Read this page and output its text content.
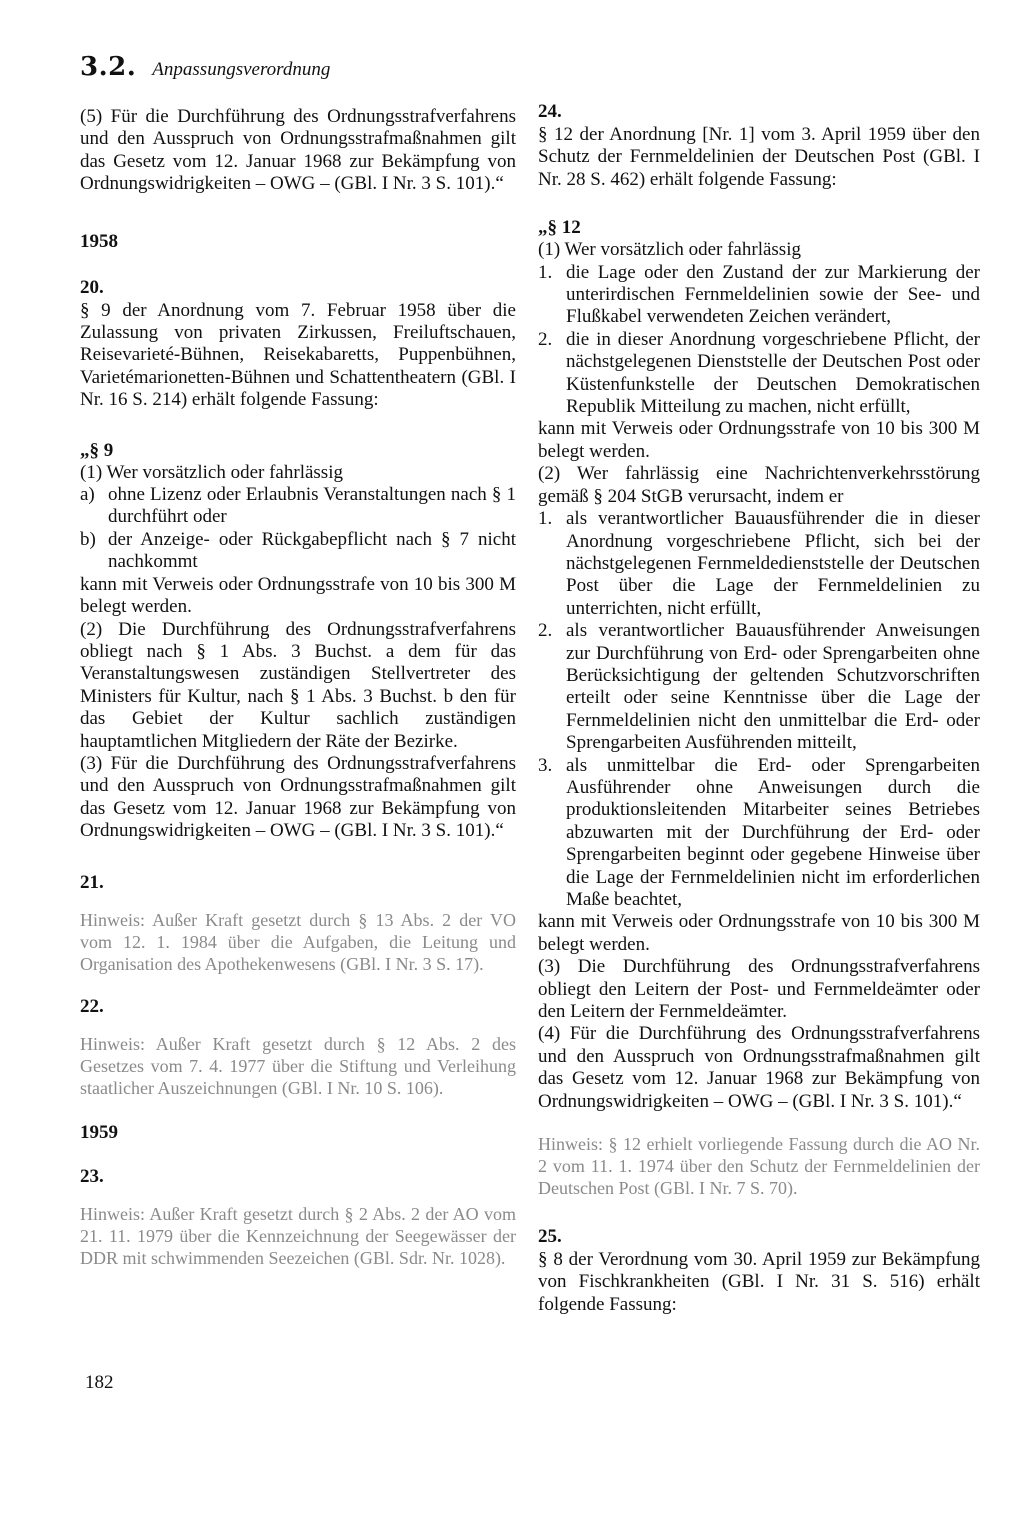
3.2. Anpassungsverordnung

(5) Für die Durchführung des Ordnungsstrafverfahrens und den Ausspruch von Ordnungsstrafmaßnahmen gilt das Gesetz vom 12. Januar 1968 zur Bekämpfung von Ordnungswidrigkeiten – OWG – (GBl. I Nr. 3 S. 101).“

1958
20.

§ 9 der Anordnung vom 7. Februar 1958 über die Zulassung von privaten Zirkussen, Freiluftschauen, Reisevarieté-Bühnen, Reisekabaretts, Puppenbühnen, Varietémarionetten-Bühnen und Schattentheatern (GBl. I Nr. 16 S. 214) erhält folgende Fassung:

„§ 9

(1) Wer vorsätzlich oder fahrlässig

a) ohne Lizenz oder Erlaubnis Veranstaltungen nach § 1 durchführt oder
b) der Anzeige- oder Rückgabepflicht nach § 7 nicht nachkommt

kann mit Verweis oder Ordnungsstrafe von 10 bis 300 M belegt werden.

(2) Die Durchführung des Ordnungsstrafverfahrens obliegt nach § 1 Abs. 3 Buchst. a dem für das Veranstaltungswesen zuständigen Stellvertreter des Ministers für Kultur, nach § 1 Abs. 3 Buchst. b den für das Gebiet der Kultur sachlich zuständigen hauptamtlichen Mitgliedern der Räte der Bezirke.

(3) Für die Durchführung des Ordnungsstrafverfahrens und den Ausspruch von Ordnungsstrafmaßnahmen gilt das Gesetz vom 12. Januar 1968 zur Bekämpfung von Ordnungswidrigkeiten – OWG – (GBl. I Nr. 3 S. 101).“

21.

Hinweis: Außer Kraft gesetzt durch § 13 Abs. 2 der VO vom 12. 1. 1984 über die Aufgaben, die Leitung und Organisation des Apothekenwesens (GBl. I Nr. 3 S. 17).

22.

Hinweis: Außer Kraft gesetzt durch § 12 Abs. 2 des Gesetzes vom 7. 4. 1977 über die Stiftung und Verleihung staatlicher Auszeichnungen (GBl. I Nr. 10 S. 106).

1959
23.

Hinweis: Außer Kraft gesetzt durch § 2 Abs. 2 der AO vom 21. 11. 1979 über die Kennzeichnung der Seegewässer der DDR mit schwimmenden Seezeichen (GBl. Sdr. Nr. 1028).

182
24.

§ 12 der Anordnung [Nr. 1] vom 3. April 1959 über den Schutz der Fernmeldelinien der Deutschen Post (GBl. I Nr. 28 S. 462) erhält folgende Fassung:

„§ 12

(1) Wer vorsätzlich oder fahrlässig

1. die Lage oder den Zustand der zur Markierung der unterirdischen Fernmeldelinien sowie der See- und Flußkabel verwendeten Zeichen verändert,
2. die in dieser Anordnung vorgeschriebene Pflicht, der nächstgelegenen Dienststelle der Deutschen Post oder Küstenfunkstelle der Deutschen Demokratischen Republik Mitteilung zu machen, nicht erfüllt,

kann mit Verweis oder Ordnungsstrafe von 10 bis 300 M belegt werden.

(2) Wer fahrlässig eine Nachrichtenverkehrsstörung gemäß § 204 StGB verursacht, indem er

1. als verantwortlicher Bauausführender die in dieser Anordnung vorgeschriebene Pflicht, sich bei der nächstgelegenen Fernmeldedienststelle der Deutschen Post über die Lage der Fernmeldelinien zu unterrichten, nicht erfüllt,
2. als verantwortlicher Bauausführender Anweisungen zur Durchführung von Erd- oder Sprengarbeiten ohne Berücksichtigung der geltenden Schutzvorschriften erteilt oder seine Kenntnisse über die Lage der Fernmeldelinien nicht den unmittelbar die Erd- oder Sprengarbeiten Ausführenden mitteilt,
3. als unmittelbar die Erd- oder Sprengarbeiten Ausführender ohne Anweisungen durch die produktionsleitenden Mitarbeiter seines Betriebes abzuwarten mit der Durchführung der Erd- oder Sprengarbeiten beginnt oder gegebene Hinweise über die Lage der Fernmeldelinien nicht im erforderlichen Maße beachtet,

kann mit Verweis oder Ordnungsstrafe von 10 bis 300 M belegt werden.

(3) Die Durchführung des Ordnungsstrafverfahrens obliegt den Leitern der Post- und Fernmeldeämter oder den Leitern der Fernmeldeämter.

(4) Für die Durchführung des Ordnungsstrafverfahrens und den Ausspruch von Ordnungsstrafmaßnahmen gilt das Gesetz vom 12. Januar 1968 zur Bekämpfung von Ordnungswidrigkeiten – OWG – (GBl. I Nr. 3 S. 101).“

Hinweis: § 12 erhielt vorliegende Fassung durch die AO Nr. 2 vom 11. 1. 1974 über den Schutz der Fernmeldelinien der Deutschen Post (GBl. I Nr. 7 S. 70).

25.

§ 8 der Verordnung vom 30. April 1959 zur Bekämpfung von Fischkrankheiten (GBl. I Nr. 31 S. 516) erhält folgende Fassung:
